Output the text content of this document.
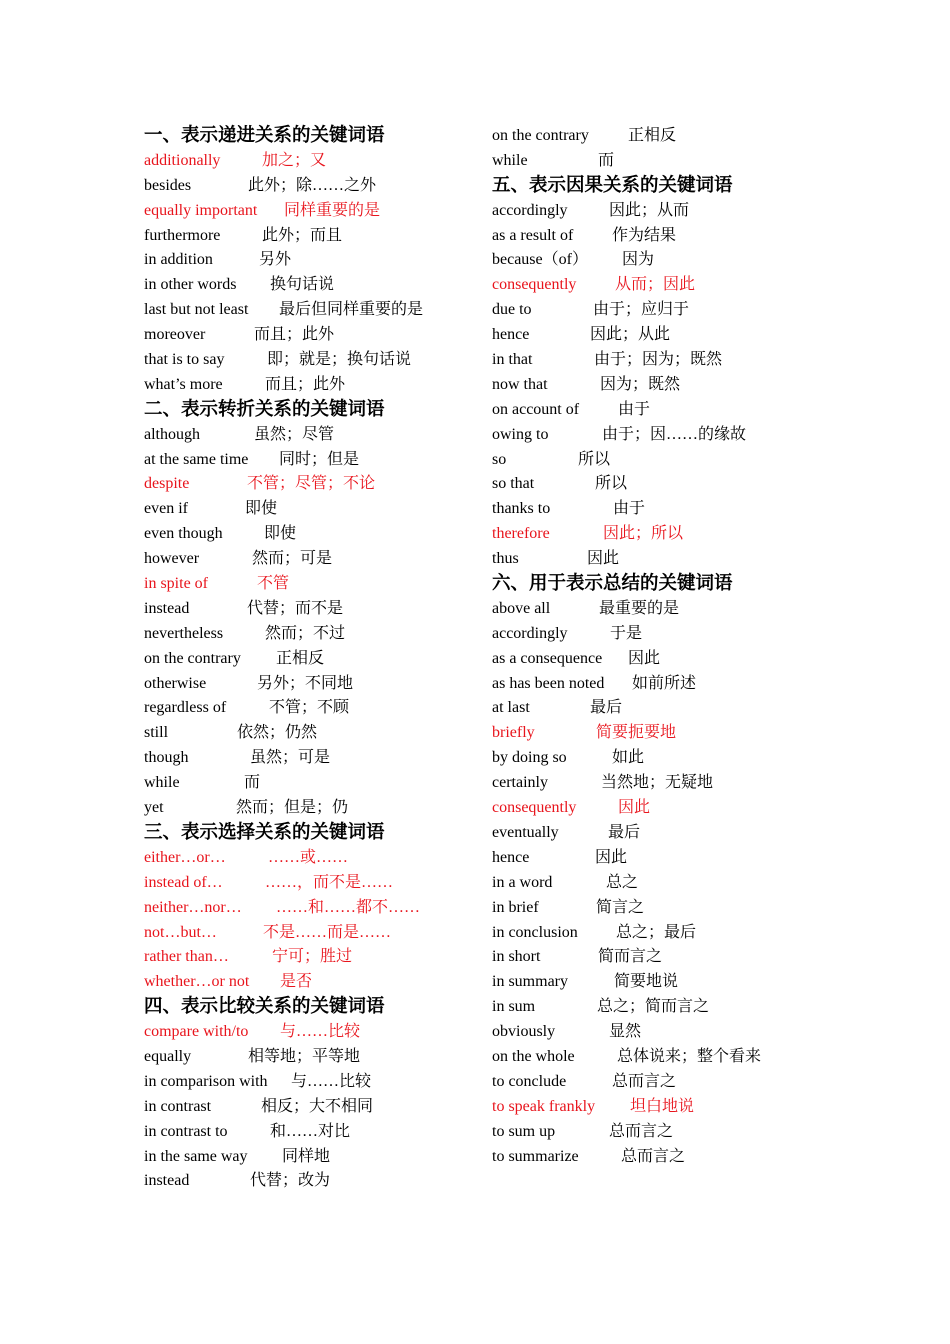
一、表示递进关系的关键词语
additionally	加之；又
besides	此外；除……之外
equally important 同样重要的是
furthermore	此外；而且
in addition	另外
in other words 换句话说
last but not least 最后但同样重要的是
moreover	而且；此外
that is to say	即；就是；换句话说
what’s more	而且；此外
二、表示转折关系的关键词语
although	虽然；尽管
at the same time 同时；但是
despite	不管；尽管；不论
even if	即使
even though	即使
however	然而；可是
in spite of	不管
instead	代替；而不是
nevertheless	然而；不过
on the contrary 正相反
otherwise	另外；不同地
regardless of	不管；不顾
still	依然；仍然
though	虽然；可是
while	而
yet	然而；但是；仍
三、表示选择关系的关键词语
either…or…	……或……
instead of…	……，而不是……
neither…nor… ……和……都不……
not…but…	不是……而是……
rather than…	宁可；胜过
whether…or not 是否
四、表示比较关系的关键词语
compare with/to 与……比较
equally	相等地；平等地
in comparison with 与……比较
in contrast	相反；大不相同
in contrast to	和……对比
in the same way 同样地
instead	代替；改为
on the contrary 正相反
while	而
五、表示因果关系的关键词语
accordingly	因此；从而
as a result of 作为结果
because（of） 因为
consequently 从而；因此
due to	由于；应归于
hence	因此；从此
in that	由于；因为；既然
now that	因为；既然
on account of 由于
owing to	由于；因……的缘故
so	所以
so that	所以
thanks to	由于
therefore	因此；所以
thus	因此
六、用于表示总结的关键词语
above all	最重要的是
accordingly	于是
as a consequence 因此
as has been noted 如前所述
at last	最后
briefly	简要扼要地
by doing so	如此
certainly	当然地；无疑地
consequently	因此
eventually	最后
hence	因此
in a word	总之
in brief	简言之
in conclusion 总之；最后
in short	简而言之
in summary	简要地说
in sum	总之；简而言之
obviously	显然
on the whole	总体说来；整个看来
to conclude	总而言之
to speak frankly 坦白地说
to sum up	总而言之
to summarize	总而言之
